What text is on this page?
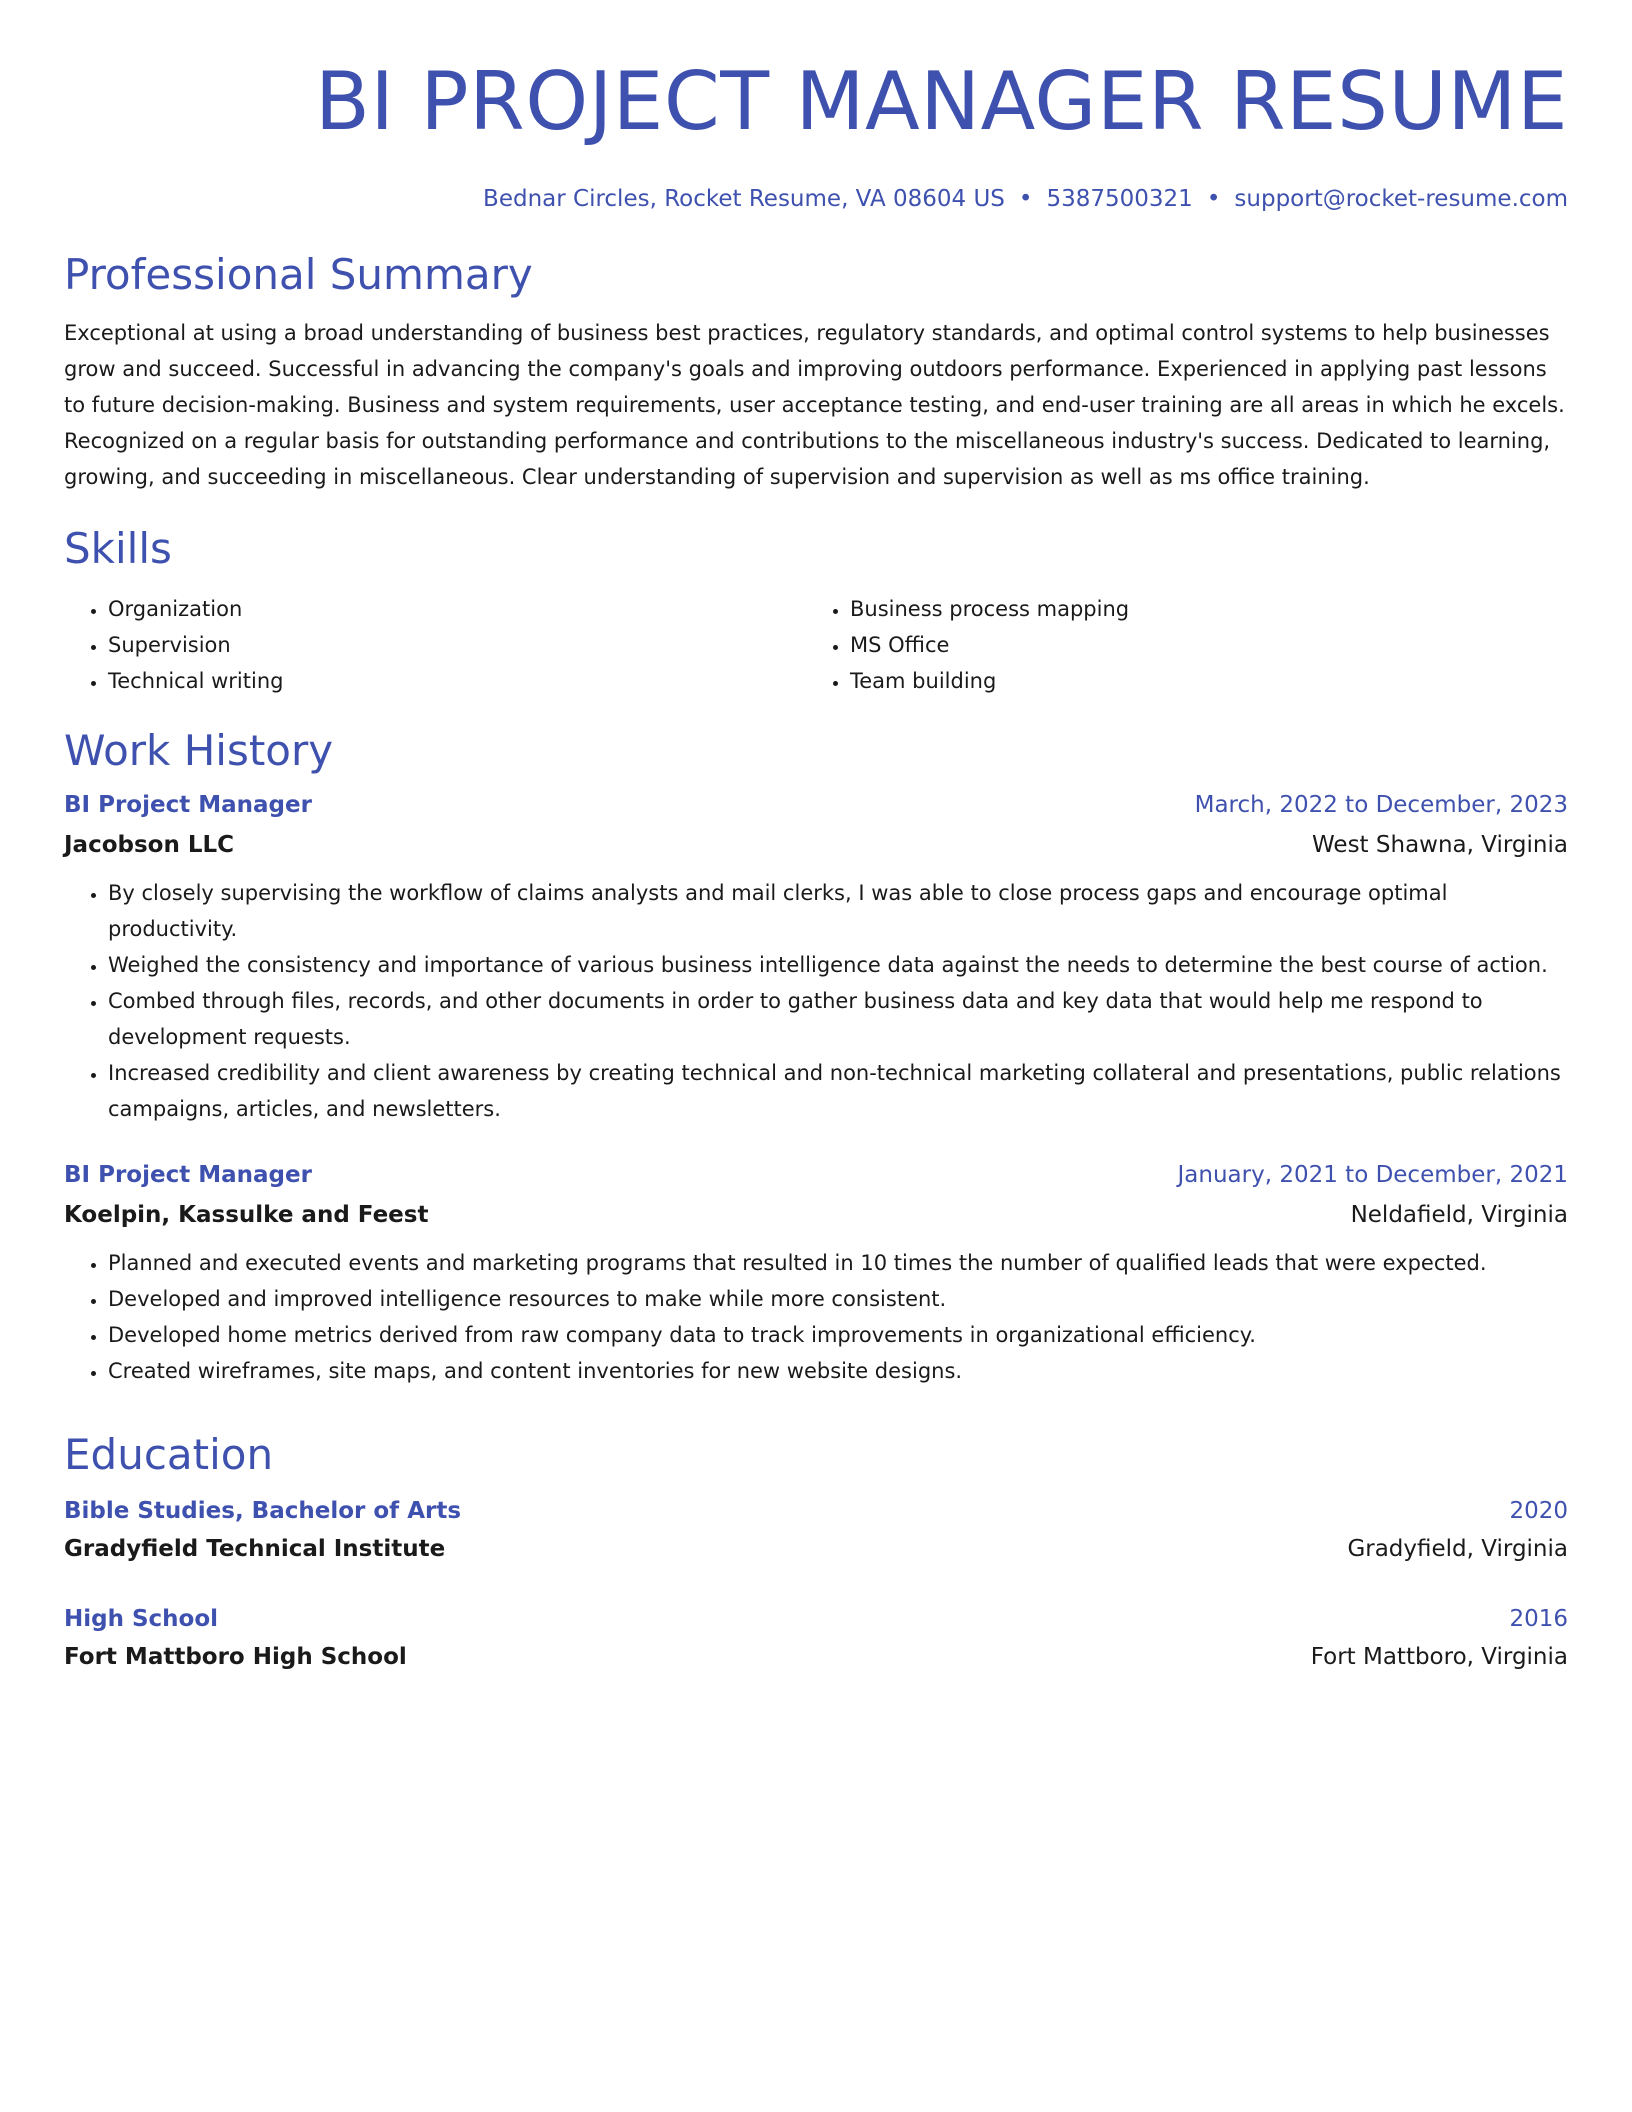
BI PROJECT MANAGER RESUME
Bednar Circles, Rocket Resume, VA 08604 US • 5387500321 • support@rocket-resume.com
Professional Summary
Exceptional at using a broad understanding of business best practices, regulatory standards, and optimal control systems to help businesses grow and succeed. Successful in advancing the company's goals and improving outdoors performance. Experienced in applying past lessons to future decision-making. Business and system requirements, user acceptance testing, and end-user training are all areas in which he excels. Recognized on a regular basis for outstanding performance and contributions to the miscellaneous industry's success. Dedicated to learning, growing, and succeeding in miscellaneous. Clear understanding of supervision and supervision as well as ms office training.
Skills
• Organization
• Supervision
• Technical writing
• Business process mapping
• MS Office
• Team building
Work History
BI Project Manager	March, 2022 to December, 2023
Jacobson LLC	West Shawna, Virginia
• By closely supervising the workflow of claims analysts and mail clerks, I was able to close process gaps and encourage optimal productivity.
• Weighed the consistency and importance of various business intelligence data against the needs to determine the best course of action.
• Combed through files, records, and other documents in order to gather business data and key data that would help me respond to development requests.
• Increased credibility and client awareness by creating technical and non-technical marketing collateral and presentations, public relations campaigns, articles, and newsletters.
BI Project Manager	January, 2021 to December, 2021
Koelpin, Kassulke and Feest	Neldafield, Virginia
• Planned and executed events and marketing programs that resulted in 10 times the number of qualified leads that were expected.
• Developed and improved intelligence resources to make while more consistent.
• Developed home metrics derived from raw company data to track improvements in organizational efficiency.
• Created wireframes, site maps, and content inventories for new website designs.
Education
Bible Studies, Bachelor of Arts	2020
Gradyfield Technical Institute	Gradyfield, Virginia
High School	2016
Fort Mattboro High School	Fort Mattboro, Virginia
